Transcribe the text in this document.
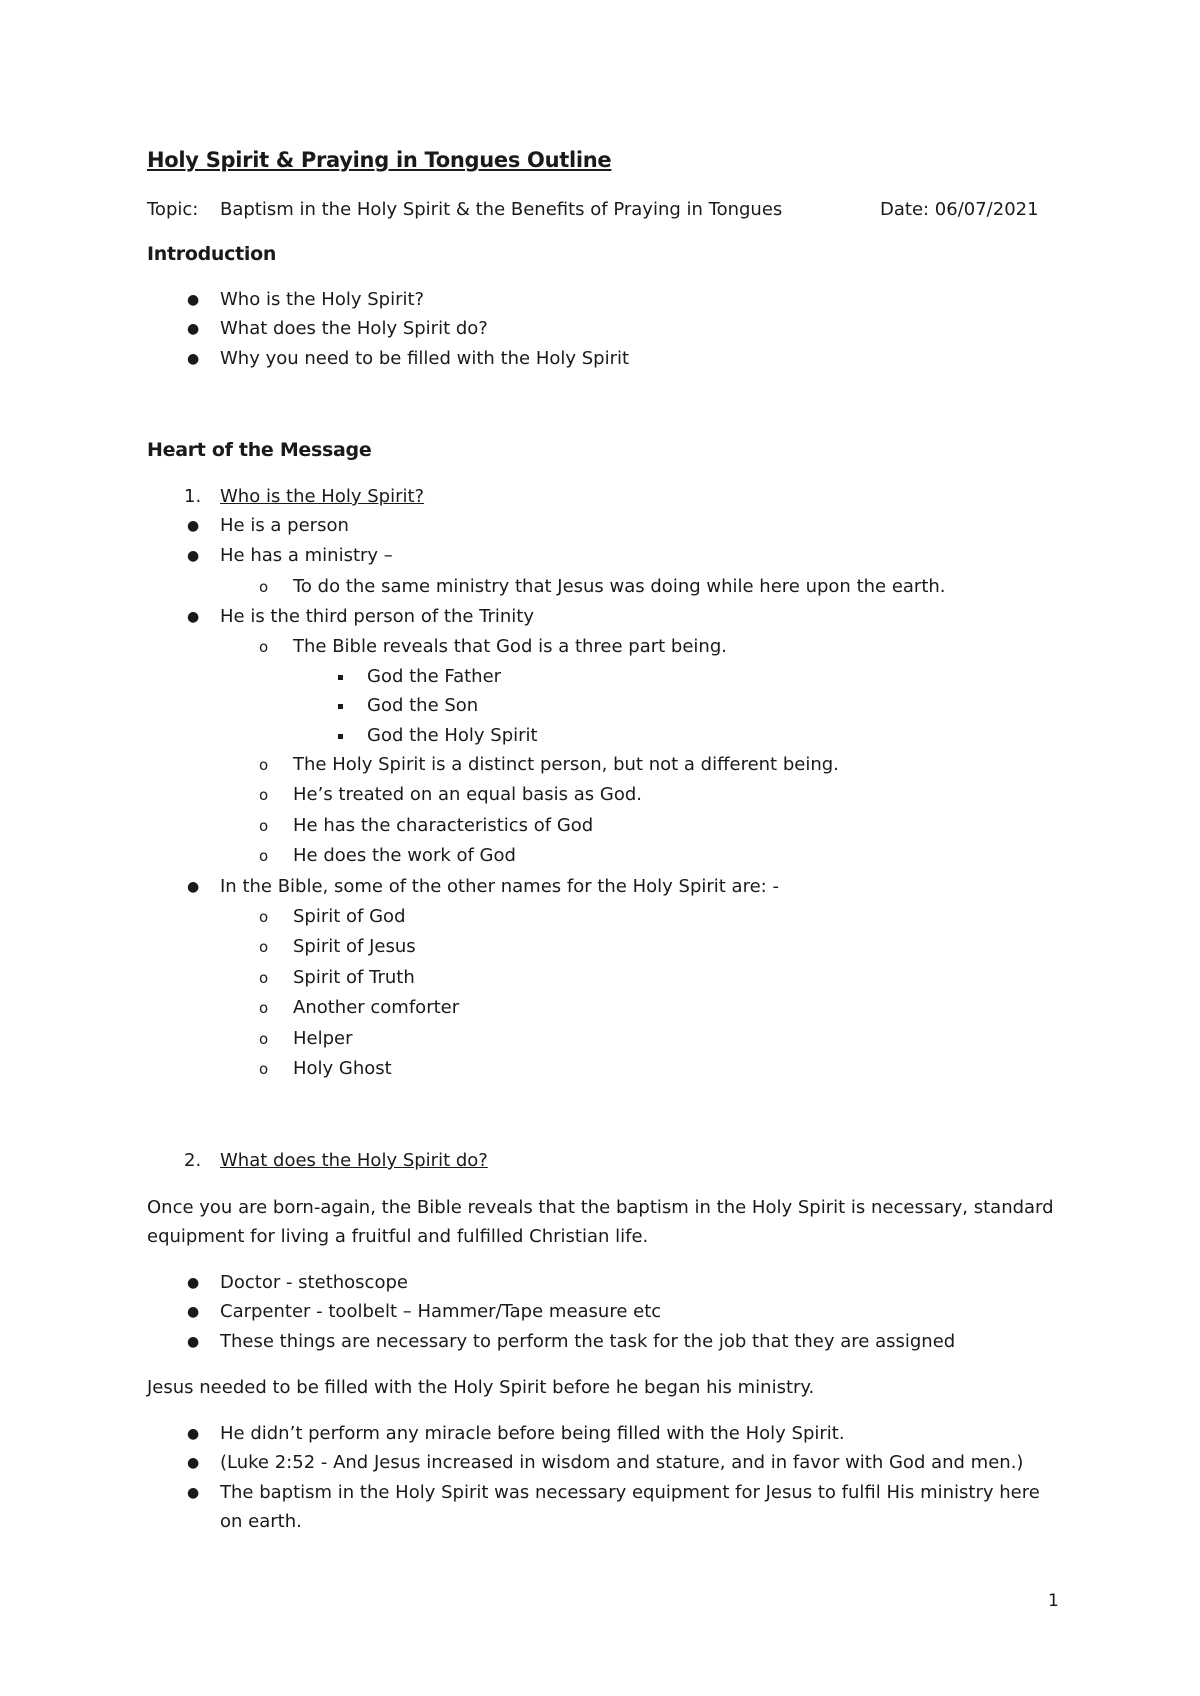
Holy Spirit & Praying in Tongues Outline
Topic: Baptism in the Holy Spirit & the Benefits of Praying in Tongues	Date: 06/07/2021
Introduction
● Who is the Holy Spirit?
● What does the Holy Spirit do?
● Why you need to be filled with the Holy Spirit
Heart of the Message
1. Who is the Holy Spirit?
● He is a person
● He has a ministry –
o To do the same ministry that Jesus was doing while here upon the earth.
● He is the third person of the Trinity
o The Bible reveals that God is a three part being.
God the Father
God the Son
God the Holy Spirit
o The Holy Spirit is a distinct person, but not a different being.
o He’s treated on an equal basis as God.
o He has the characteristics of God
o He does the work of God
● In the Bible, some of the other names for the Holy Spirit are: -
o Spirit of God
o Spirit of Jesus
o Spirit of Truth
o Another comforter
o Helper
o Holy Ghost
2. What does the Holy Spirit do?
Once you are born-again, the Bible reveals that the baptism in the Holy Spirit is necessary, standard
equipment for living a fruitful and fulfilled Christian life.
● Doctor - stethoscope
● Carpenter - toolbelt – Hammer/Tape measure etc
● These things are necessary to perform the task for the job that they are assigned
Jesus needed to be filled with the Holy Spirit before he began his ministry.
● He didn’t perform any miracle before being filled with the Holy Spirit.
● (Luke 2:52 - And Jesus increased in wisdom and stature, and in favor with God and men.)
● The baptism in the Holy Spirit was necessary equipment for Jesus to fulfil His ministry here
on earth.
1
